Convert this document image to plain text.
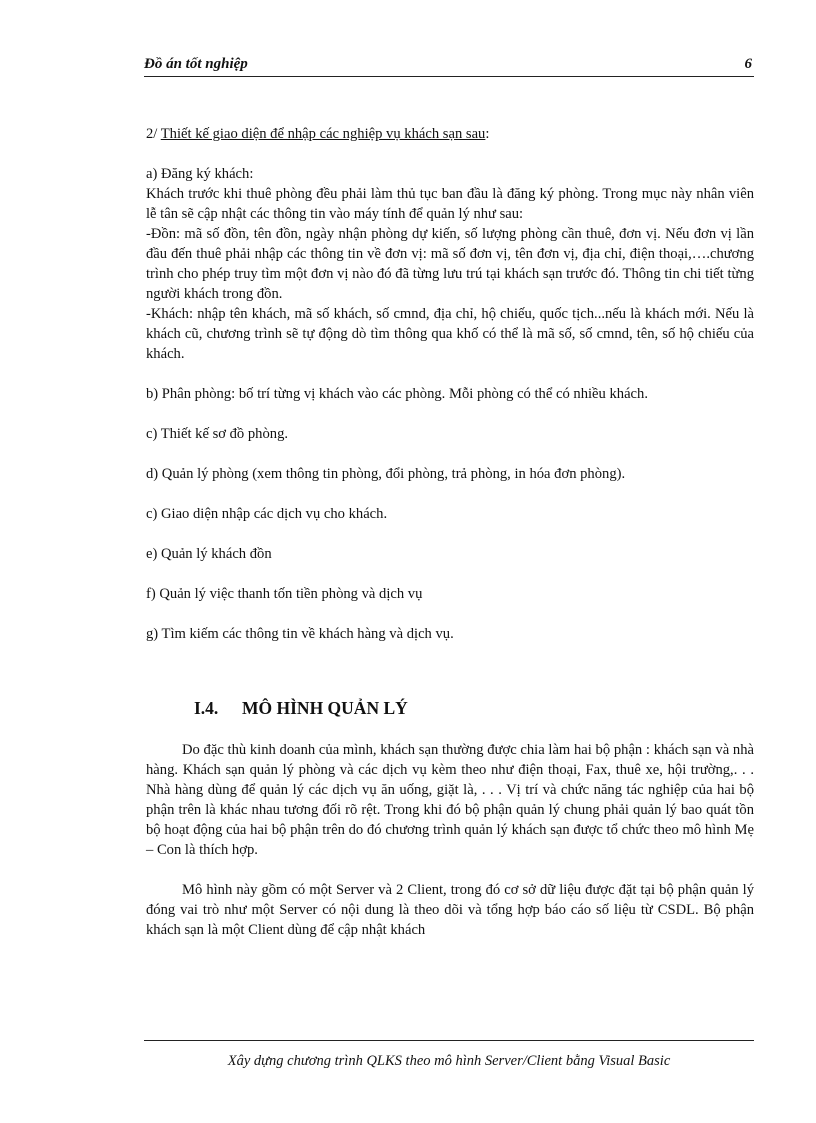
Đồ án tốt nghiệp	6

2/ Thiết kế giao diện để nhập các nghiệp vụ khách sạn sau:

a) Đăng ký khách:

Khách trước khi thuê phòng đều phải làm thủ tục ban đầu là đăng ký phòng. Trong mục này nhân viên lễ tân sẽ cập nhật các thông tin vào máy tính để quản lý như sau:

-Đồn: mã số đồn, tên đồn, ngày nhận phòng dự kiến, số lượng phòng cần thuê, đơn vị. Nếu đơn vị lần đầu đến thuê phải nhập các thông tin về đơn vị: mã số đơn vị, tên đơn vị, địa chỉ, điện thoại,….chương trình cho phép truy tìm một đơn vị nào đó đã từng lưu trú tại khách sạn trước đó. Thông tin chi tiết từng người khách trong đồn.

-Khách: nhập tên khách, mã số khách, số cmnd, địa chỉ, hộ chiếu, quốc tịch...nếu là khách mới. Nếu là khách cũ, chương trình sẽ tự động dò tìm thông qua khố có thể là mã số, số cmnd, tên, số hộ chiếu của khách.

b) Phân phòng: bố trí từng vị khách vào các phòng. Mỗi phòng có thể có nhiều khách.

c) Thiết kế sơ đồ phòng.

d) Quản lý phòng (xem thông tin phòng, đổi phòng, trả phòng, in hóa đơn phòng).

c) Giao diện nhập các dịch vụ cho khách.

e) Quản lý khách đồn

f) Quản lý việc thanh tốn tiền phòng và dịch vụ

g) Tìm kiếm các thông tin về khách hàng và dịch vụ.

I.4. MÔ HÌNH QUẢN LÝ

Do đặc thù kinh doanh của mình, khách sạn thường được chia làm hai bộ phận : khách sạn và nhà hàng. Khách sạn quản lý phòng và các dịch vụ kèm theo như điện thoại, Fax, thuê xe, hội trường,. . . Nhà hàng dùng để quản lý các dịch vụ ăn uống, giặt là, . . . Vị trí và chức năng tác nghiệp của hai bộ phận trên là khác nhau tương đối rõ rệt. Trong khi đó bộ phận quản lý chung phải quản lý bao quát tồn bộ hoạt động của hai bộ phận trên do đó chương trình quản lý khách sạn được tổ chức theo mô hình Mẹ – Con là thích hợp.

Mô hình này gồm có một Server và 2 Client, trong đó cơ sở dữ liệu được đặt tại bộ phận quản lý đóng vai trò như một Server có nội dung là theo dõi và tổng hợp báo cáo số liệu từ CSDL. Bộ phận khách sạn là một Client dùng để cập nhật khách

Xây dựng chương trình QLKS theo mô hình Server/Client bằng Visual Basic
